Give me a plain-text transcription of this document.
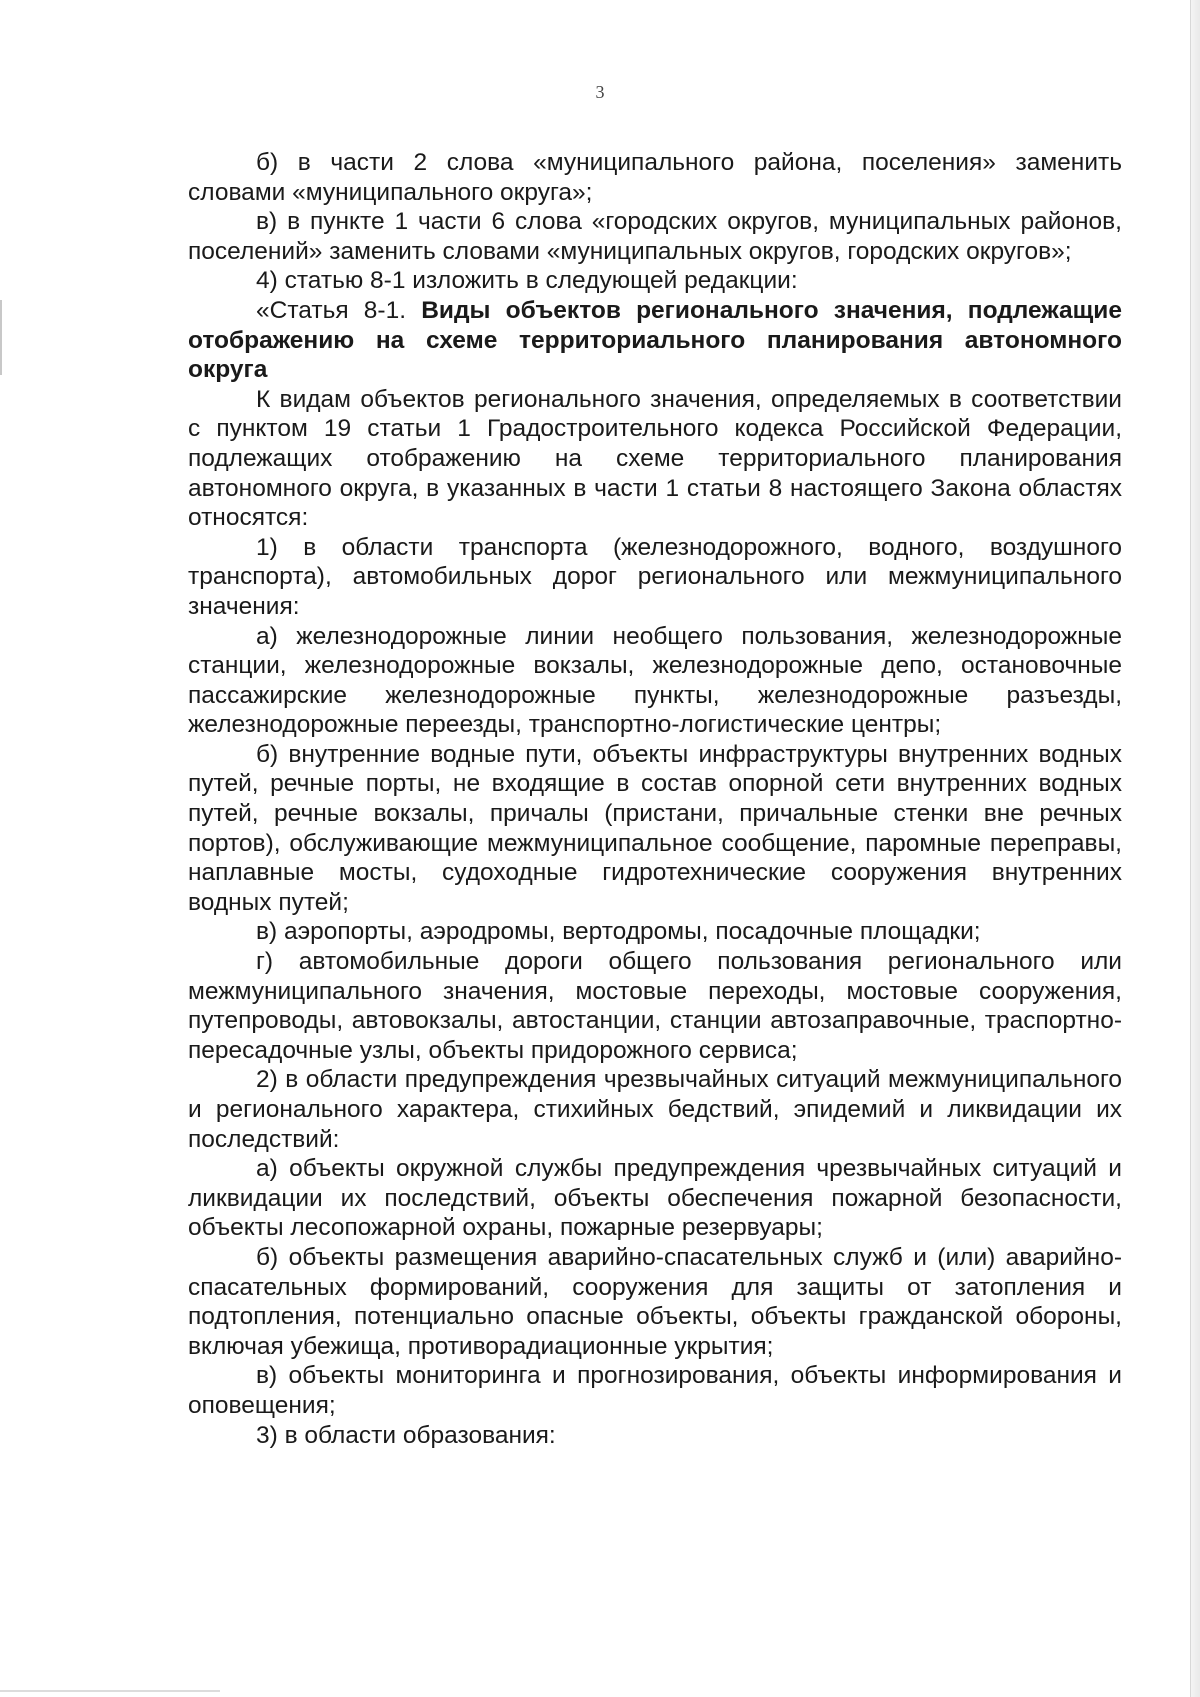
3

б) в части 2 слова «муниципального района, поселения» заменить словами «муниципального округа»;

в) в пункте 1 части 6 слова «городских округов, муниципальных районов, поселений» заменить словами «муниципальных округов, городских округов»;

4) статью 8-1 изложить в следующей редакции:

«Статья 8-1. Виды объектов регионального значения, подлежащие отображению на схеме территориального планирования автономного округа

К видам объектов регионального значения, определяемых в соответствии с пунктом 19 статьи 1 Градостроительного кодекса Российской Федерации, подлежащих отображению на схеме территориального планирования автономного округа, в указанных в части 1 статьи 8 настоящего Закона областях относятся:

1) в области транспорта (железнодорожного, водного, воздушного транспорта), автомобильных дорог регионального или межмуниципального значения:

а) железнодорожные линии необщего пользования, железнодорожные станции, железнодорожные вокзалы, железнодорожные депо, остановочные пассажирские железнодорожные пункты, железнодорожные разъезды, железнодорожные переезды, транспортно-логистические центры;

б) внутренние водные пути, объекты инфраструктуры внутренних водных путей, речные порты, не входящие в состав опорной сети внутренних водных путей, речные вокзалы, причалы (пристани, причальные стенки вне речных портов), обслуживающие межмуниципальное сообщение, паромные переправы, наплавные мосты, судоходные гидротехнические сооружения внутренних водных путей;

в) аэропорты, аэродромы, вертодромы, посадочные площадки;

г) автомобильные дороги общего пользования регионального или межмуниципального значения, мостовые переходы, мостовые сооружения, путепроводы, автовокзалы, автостанции, станции автозаправочные, траспортно-пересадочные узлы, объекты придорожного сервиса;

2) в области предупреждения чрезвычайных ситуаций межмуниципального и регионального характера, стихийных бедствий, эпидемий и ликвидации их последствий:

а) объекты окружной службы предупреждения чрезвычайных ситуаций и ликвидации их последствий, объекты обеспечения пожарной безопасности, объекты лесопожарной охраны, пожарные резервуары;

б) объекты размещения аварийно-спасательных служб и (или) аварийно-спасательных формирований, сооружения для защиты от затопления и подтопления, потенциально опасные объекты, объекты гражданской обороны, включая убежища, противорадиационные укрытия;

в) объекты мониторинга и прогнозирования, объекты информирования и оповещения;

3) в области образования:
